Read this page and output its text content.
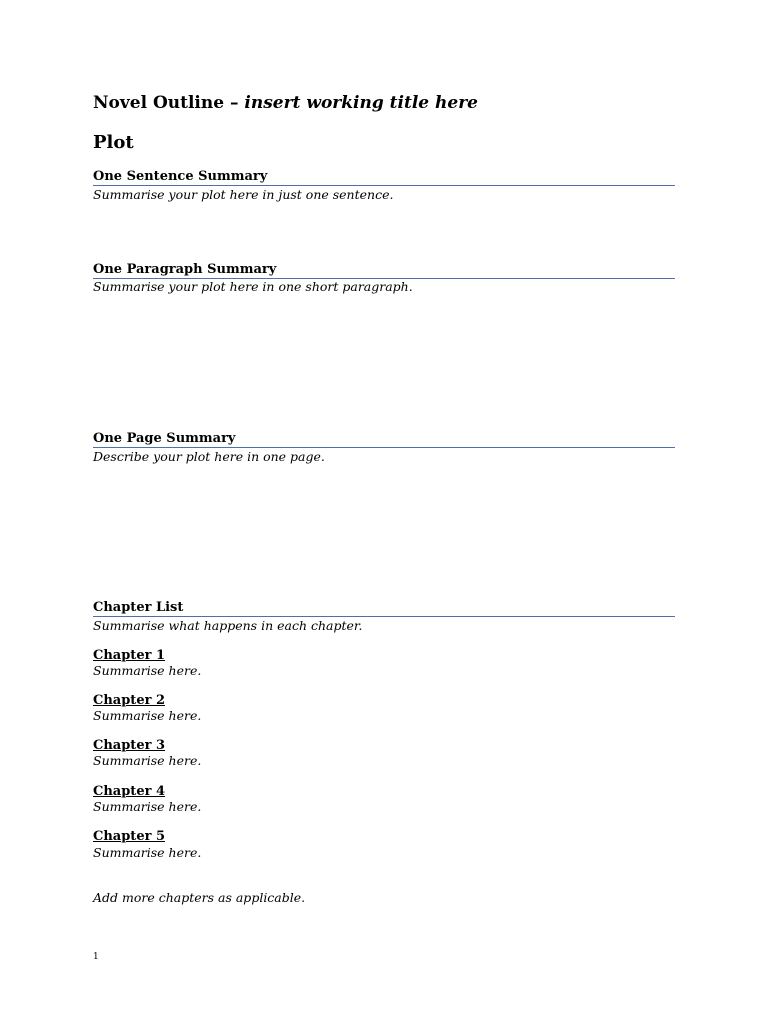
Novel Outline – insert working title here
Plot
One Sentence Summary
Summarise your plot here in just one sentence.
One Paragraph Summary
Summarise your plot here in one short paragraph.
One Page Summary
Describe your plot here in one page.
Chapter List
Summarise what happens in each chapter.
Chapter 1
Summarise here.
Chapter 2
Summarise here.
Chapter 3
Summarise here.
Chapter 4
Summarise here.
Chapter 5
Summarise here.
Add more chapters as applicable.
1
